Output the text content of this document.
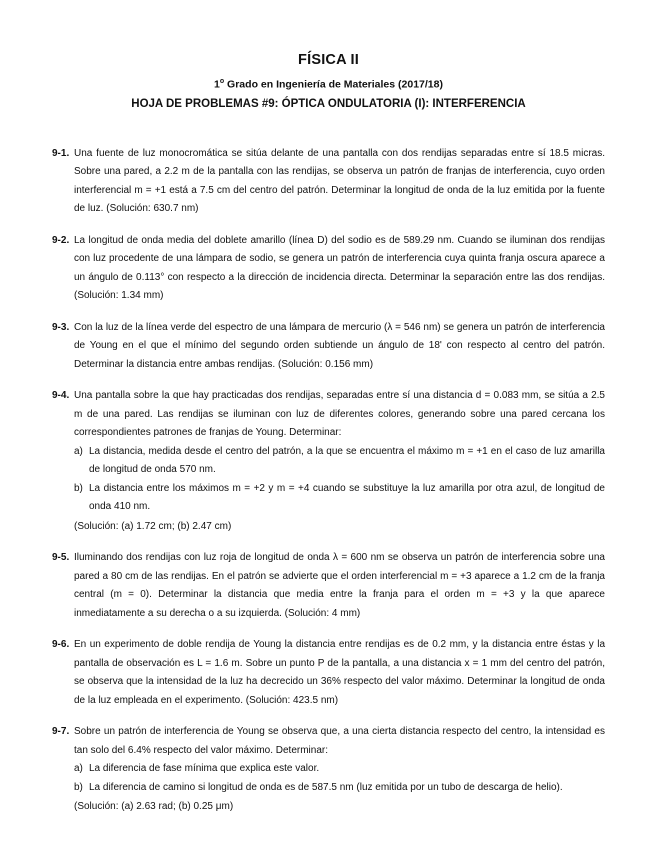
FÍSICA II
1$^o$ Grado en Ingeniería de Materiales (2017/18)
HOJA DE PROBLEMAS #9: ÓPTICA ONDULATORIA (I): INTERFERENCIA
9-1. Una fuente de luz monocromática se sitúa delante de una pantalla con dos rendijas separadas entre sí 18.5 micras. Sobre una pared, a 2.2 m de la pantalla con las rendijas, se observa un patrón de franjas de interferencia, cuyo orden interferencial m = +1 está a 7.5 cm del centro del patrón. Determinar la longitud de onda de la luz emitida por la fuente de luz. (Solución: 630.7 nm)
9-2. La longitud de onda media del doblete amarillo (línea D) del sodio es de 589.29 nm. Cuando se iluminan dos rendijas con luz procedente de una lámpara de sodio, se genera un patrón de interferencia cuya quinta franja oscura aparece a un ángulo de 0.113° con respecto a la dirección de incidencia directa. Determinar la separación entre las dos rendijas. (Solución: 1.34 mm)
9-3. Con la luz de la línea verde del espectro de una lámpara de mercurio (λ = 546 nm) se genera un patrón de interferencia de Young en el que el mínimo del segundo orden subtiende un ángulo de 18' con respecto al centro del patrón. Determinar la distancia entre ambas rendijas. (Solución: 0.156 mm)
9-4. Una pantalla sobre la que hay practicadas dos rendijas, separadas entre sí una distancia d = 0.083 mm, se sitúa a 2.5 m de una pared. Las rendijas se iluminan con luz de diferentes colores, generando sobre una pared cercana los correspondientes patrones de franjas de Young. Determinar:
a) La distancia, medida desde el centro del patrón, a la que se encuentra el máximo m = +1 en el caso de luz amarilla de longitud de onda 570 nm.
b) La distancia entre los máximos m = +2 y m = +4 cuando se substituye la luz amarilla por otra azul, de longitud de onda 410 nm.
(Solución: (a) 1.72 cm; (b) 2.47 cm)
9-5. Iluminando dos rendijas con luz roja de longitud de onda λ = 600 nm se observa un patrón de interferencia sobre una pared a 80 cm de las rendijas. En el patrón se advierte que el orden interferencial m = +3 aparece a 1.2 cm de la franja central (m = 0). Determinar la distancia que media entre la franja para el orden m = +3 y la que aparece inmediatamente a su derecha o a su izquierda. (Solución: 4 mm)
9-6. En un experimento de doble rendija de Young la distancia entre rendijas es de 0.2 mm, y la distancia entre éstas y la pantalla de observación es L = 1.6 m. Sobre un punto P de la pantalla, a una distancia x = 1 mm del centro del patrón, se observa que la intensidad de la luz ha decrecido un 36% respecto del valor máximo. Determinar la longitud de onda de la luz empleada en el experimento. (Solución: 423.5 nm)
9-7. Sobre un patrón de interferencia de Young se observa que, a una cierta distancia respecto del centro, la intensidad es tan solo del 6.4% respecto del valor máximo. Determinar:
a) La diferencia de fase mínima que explica este valor.
b) La diferencia de camino si longitud de onda es de 587.5 nm (luz emitida por un tubo de descarga de helio).
(Solución: (a) 2.63 rad; (b) 0.25 μm)
